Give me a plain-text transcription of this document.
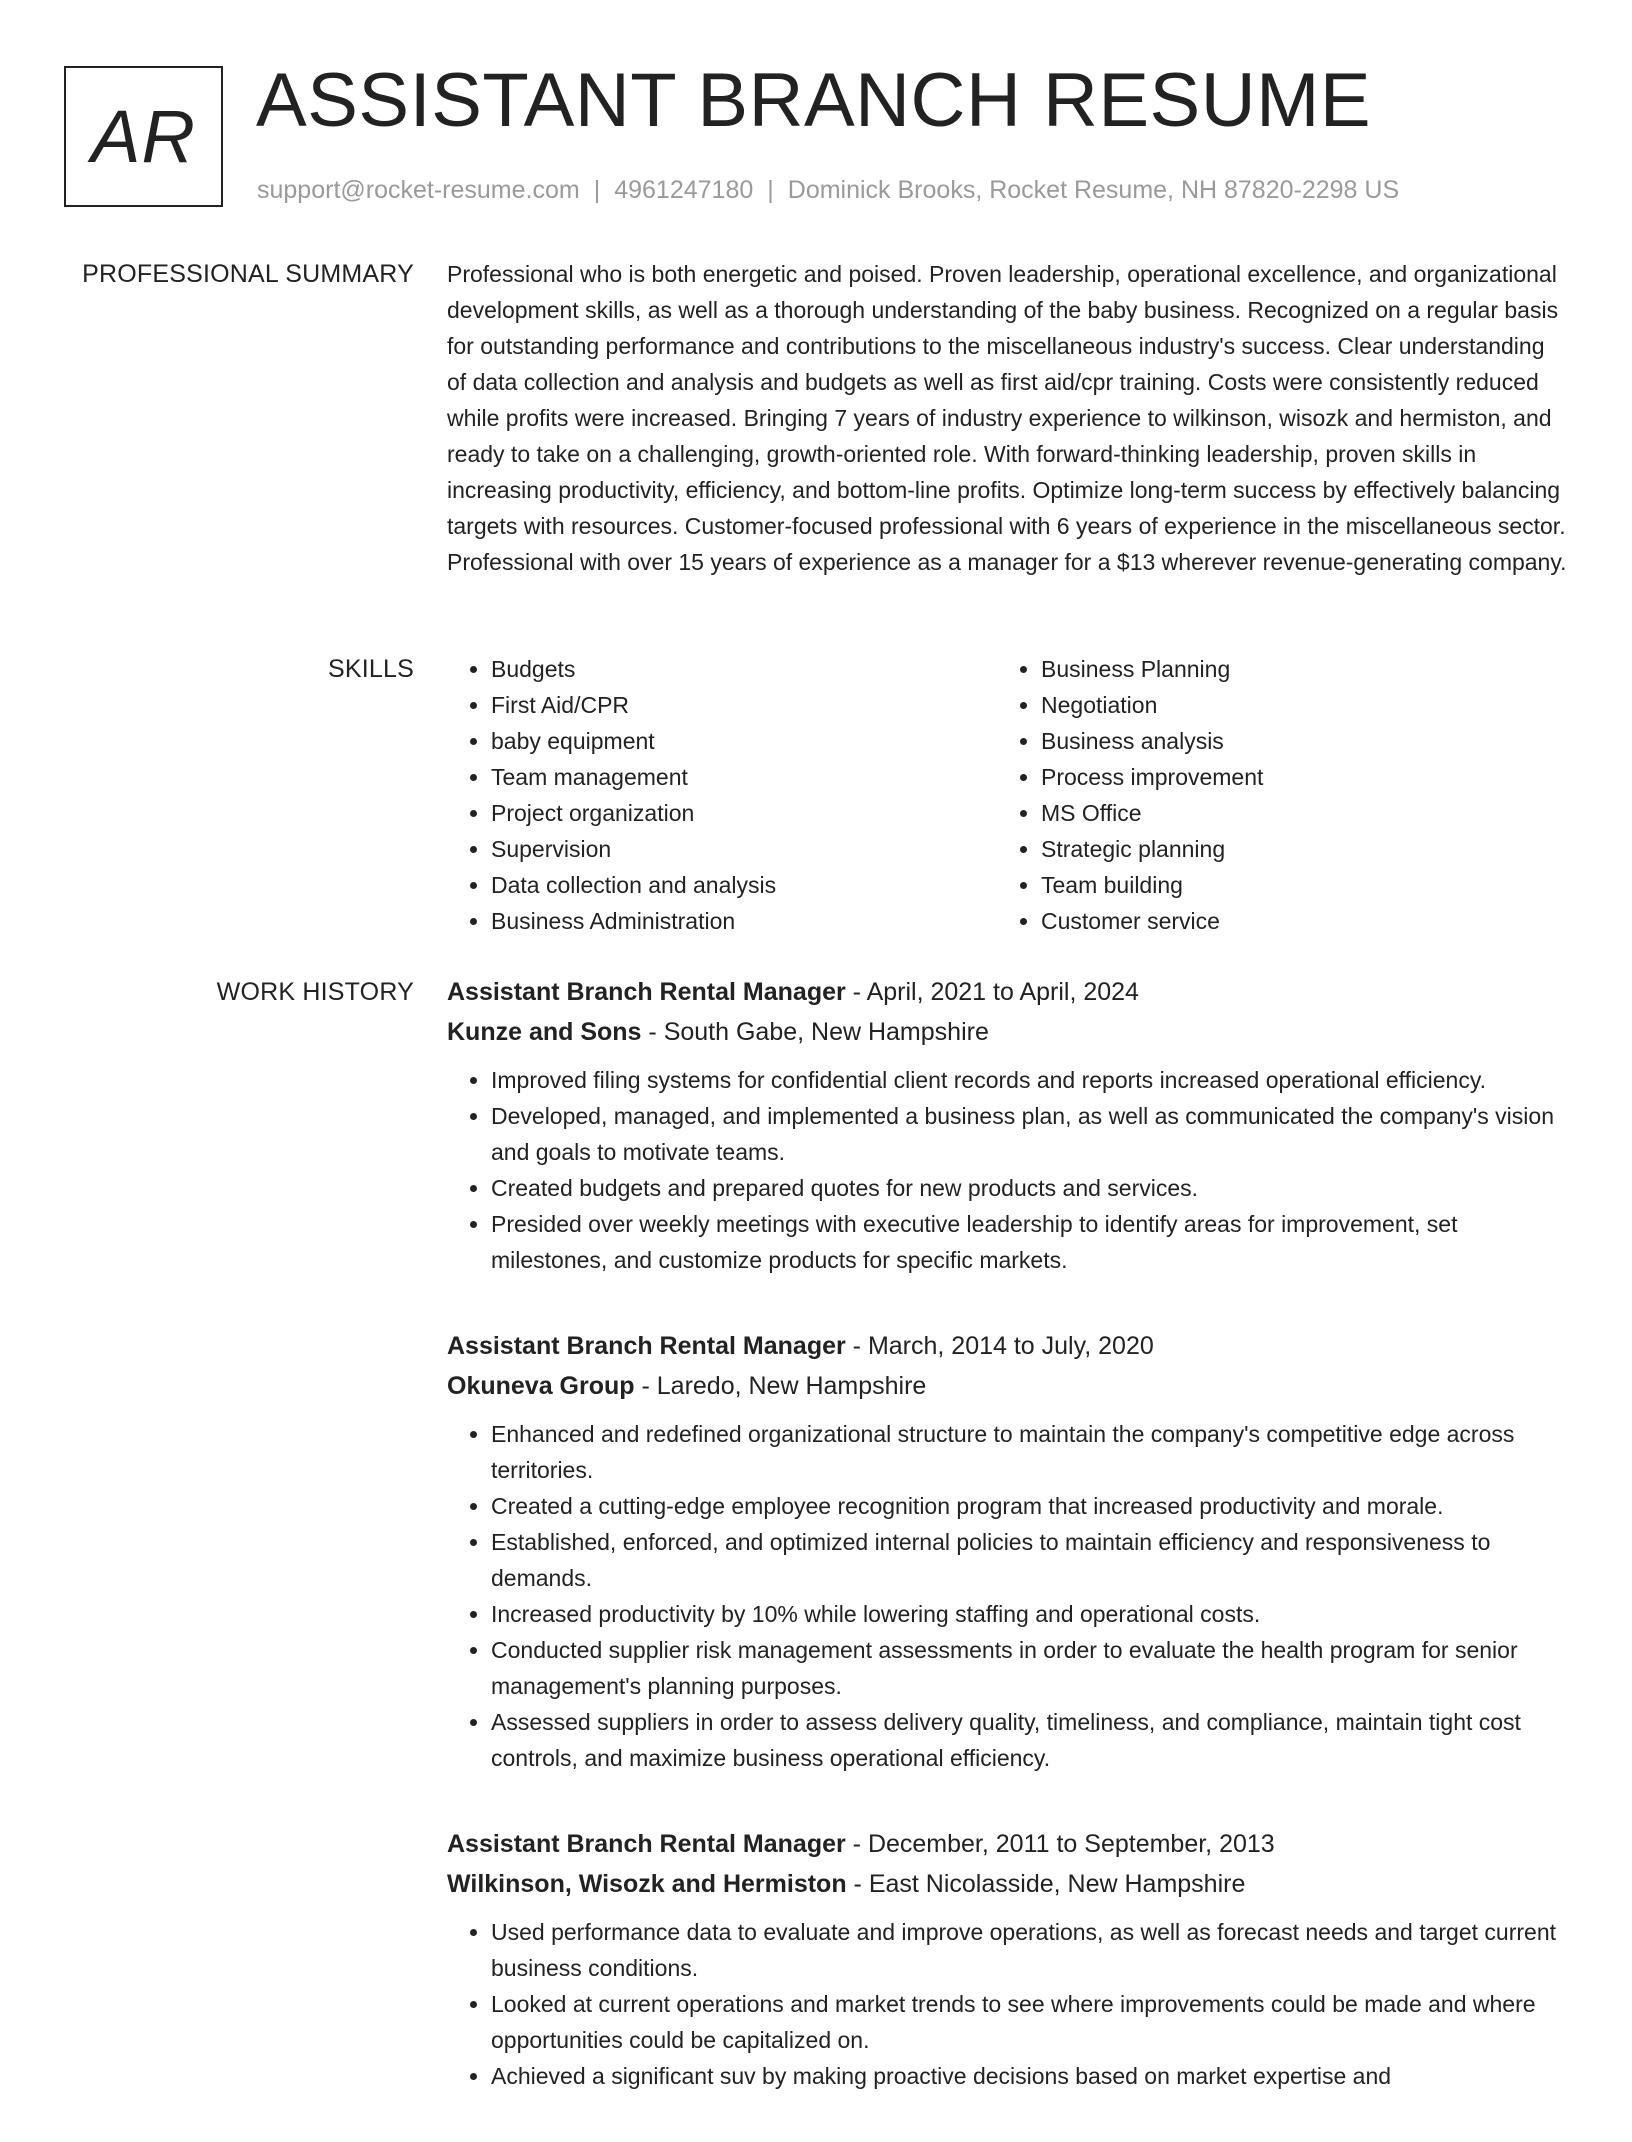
AR ASSISTANT BRANCH RESUME
support@rocket-resume.com | 4961247180 | Dominick Brooks, Rocket Resume, NH 87820-2298 US
PROFESSIONAL SUMMARY Professional who is both energetic and poised. Proven leadership, operational excellence, and organizational development skills, as well as a thorough understanding of the baby business. Recognized on a regular basis for outstanding performance and contributions to the miscellaneous industry's success. Clear understanding of data collection and analysis and budgets as well as first aid/cpr training. Costs were consistently reduced while profits were increased. Bringing 7 years of industry experience to wilkinson, wisozk and hermiston, and ready to take on a challenging, growth-oriented role. With forward-thinking leadership, proven skills in increasing productivity, efficiency, and bottom-line profits. Optimize long-term success by effectively balancing targets with resources. Customer-focused professional with 6 years of experience in the miscellaneous sector. Professional with over 15 years of experience as a manager for a $13 wherever revenue-generating company.

SKILLS
•	Budgets
• First Aid/CPR
• baby equipment
• Team management
• Project organization
• Supervision
• Data collection and analysis
• Business Administration
• Business Planning
• Negotiation
• Business analysis
• Process improvement
• MS Office
• Strategic planning
• Team building
• Customer service
WORK HISTORY Assistant Branch Rental Manager - April, 2021 to April, 2024
Kunze and Sons - South Gabe, New Hampshire
• Improved filing systems for confidential client records and reports increased operational efficiency.
• Developed, managed, and implemented a business plan, as well as communicated the company's vision and goals to motivate teams.
• Created budgets and prepared quotes for new products and services.
• Presided over weekly meetings with executive leadership to identify areas for improvement, set milestones, and customize products for specific markets.
Assistant Branch Rental Manager - March, 2014 to July, 2020
Okuneva Group - Laredo, New Hampshire
• Enhanced and redefined organizational structure to maintain the company's competitive edge across territories.
• Created a cutting-edge employee recognition program that increased productivity and morale.
• Established, enforced, and optimized internal policies to maintain efficiency and responsiveness to demands.
• Increased productivity by 10% while lowering staffing and operational costs.
• Conducted supplier risk management assessments in order to evaluate the health program for senior management's planning purposes.
• Assessed suppliers in order to assess delivery quality, timeliness, and compliance, maintain tight cost controls, and maximize business operational efficiency.
Assistant Branch Rental Manager - December, 2011 to September, 2013
Wilkinson, Wisozk and Hermiston - East Nicolasside, New Hampshire
• Used performance data to evaluate and improve operations, as well as forecast needs and target current business conditions.
• Looked at current operations and market trends to see where improvements could be made and where opportunities could be capitalized on.
• Achieved a significant suv by making proactive decisions based on market expertise and
